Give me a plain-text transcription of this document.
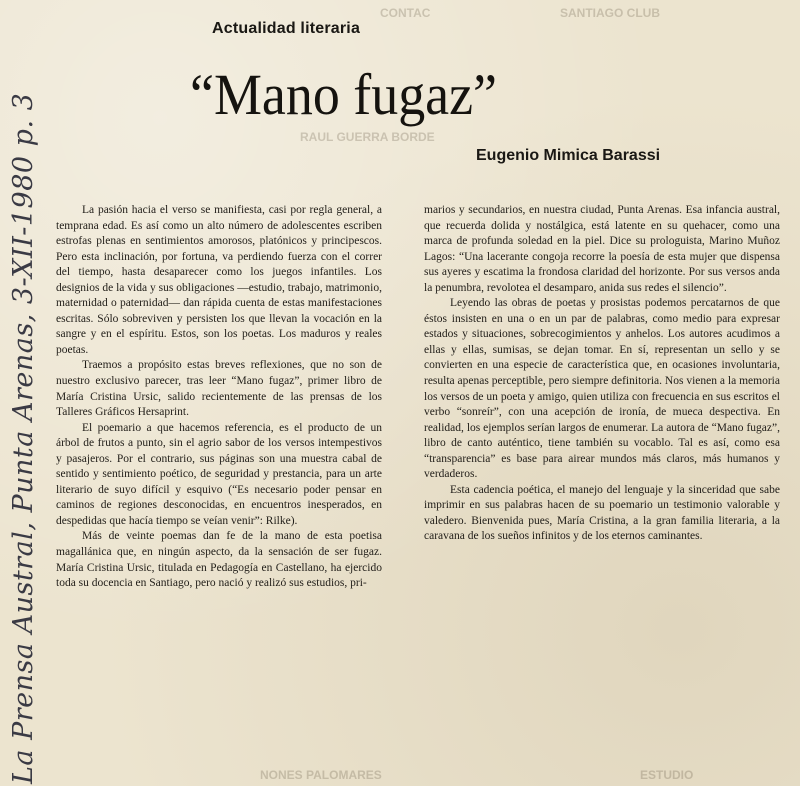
CONTAC	SANTIAGO CLUB
RAUL GUERRA BORDE
NONES PALOMARES	ESTUDIO
Actualidad literaria
“Mano fugaz”
Eugenio Mimica Barassi
La Prensa Austral, Punta Arenas, 3-XII-1980 p. 3	La pasión hacia el verso se manifiesta, casi por regla general, a temprana edad. Es así como un alto número de adolescentes escriben estrofas plenas en sentimientos amorosos, platónicos y principescos. Pero esta inclinación, por fortuna, va perdiendo fuerza con el correr del tiempo, hasta desaparecer como los juegos infantiles. Los designios de la vida y sus obligaciones —estudio, trabajo, matrimonio, maternidad o paternidad— dan rápida cuenta de estas manifestaciones escritas. Sólo sobreviven y persisten los que llevan la vocación en la sangre y en el espíritu. Estos, son los poetas. Los maduros y reales poetas.

Traemos a propósito estas breves reflexiones, que no son de nuestro exclusivo parecer, tras leer “Mano fugaz”, primer libro de María Cristina Ursic, salido recientemente de las prensas de los Talleres Gráficos Hersaprint.

El poemario a que hacemos referencia, es el producto de un árbol de frutos a punto, sin el agrio sabor de los versos intempestivos y pasajeros. Por el contrario, sus páginas son una muestra cabal de sentido y sentimiento poético, de seguridad y prestancia, para un arte literario de suyo difícil y esquivo (“Es necesario poder pensar en caminos de regiones desconocidas, en encuentros inesperados, en despedidas que hacía tiempo se veían venir”: Rilke).

Más de veinte poemas dan fe de la mano de esta poetisa magallánica que, en ningún aspecto, da la sensación de ser fugaz. María Cristina Ursic, titulada en Pedagogía en Castellano, ha ejercido toda su docencia en Santiago, pero nació y realizó sus estudios, pri-

marios y secundarios, en nuestra ciudad, Punta Arenas. Esa infancia austral, que recuerda dolida y nostálgica, está latente en su quehacer, como una marca de profunda soledad en la piel. Dice su prologuista, Marino Muñoz Lagos: “Una lacerante congoja recorre la poesía de esta mujer que dispensa sus ayeres y escatima la frondosa claridad del horizonte. Por sus versos anda la penumbra, revolotea el desamparo, anida sus redes el silencio”.

Leyendo las obras de poetas y prosistas podemos percatarnos de que éstos insisten en una o en un par de palabras, como medio para expresar estados y situaciones, sobrecogimientos y anhelos. Los autores acudimos a ellas y ellas, sumisas, se dejan tomar. En sí, representan un sello y se convierten en una especie de característica que, en ocasiones involuntaria, resulta apenas perceptible, pero siempre definitoria. Nos vienen a la memoria los versos de un poeta y amigo, quien utiliza con frecuencia en sus escritos el verbo “sonreír”, con una acepción de ironía, de mueca despectiva. En realidad, los ejemplos serían largos de enumerar. La autora de “Mano fugaz”, libro de canto auténtico, tiene también su vocablo. Tal es así, como esa “transparencia” es base para airear mundos más claros, más humanos y verdaderos.

Esta cadencia poética, el manejo del lenguaje y la sinceridad que sabe imprimir en sus palabras hacen de su poemario un testimonio valorable y valedero. Bienvenida pues, María Cristina, a la gran familia literaria, a la caravana de los sueños infinitos y de los eternos caminantes.
